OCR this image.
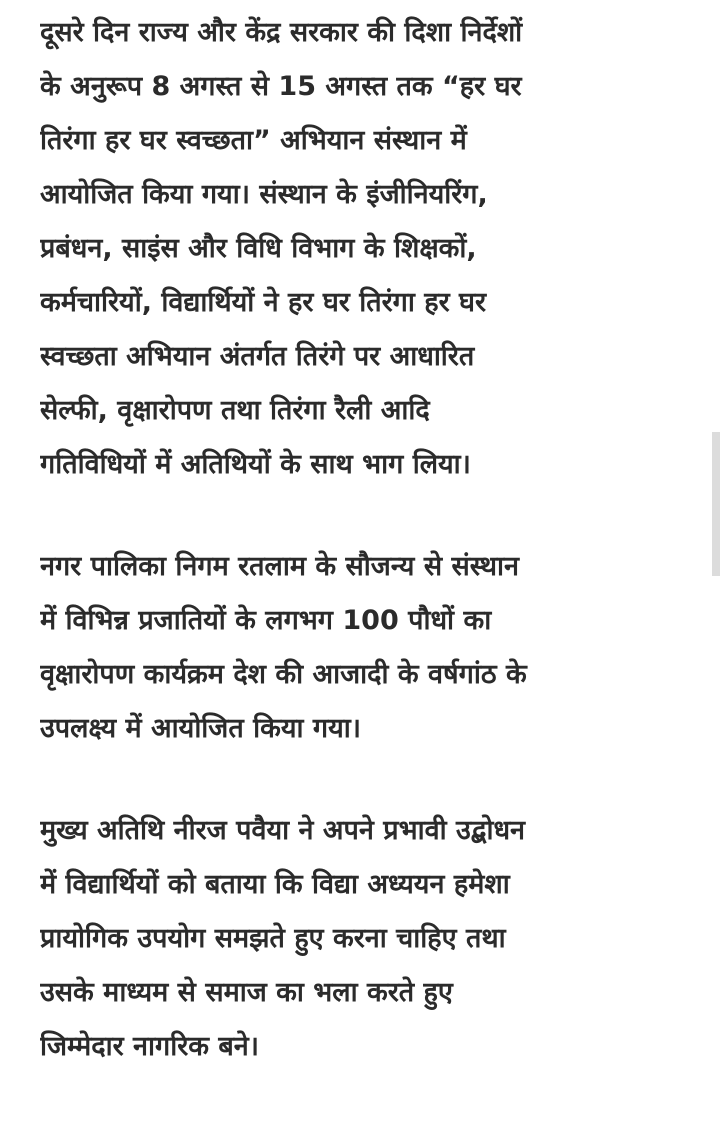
दूसरे दिन राज्य और केंद्र सरकार की दिशा निर्देशों
के अनुरूप 8 अगस्त से 15 अगस्त तक “हर घर
तिरंगा हर घर स्वच्छता” अभियान संस्थान में
आयोजित किया गया। संस्थान के इंजीनियरिंग,
प्रबंधन, साइंस और विधि विभाग के शिक्षकों,
कर्मचारियों, विद्यार्थियों ने हर घर तिरंगा हर घर
स्वच्छता अभियान अंतर्गत तिरंगे पर आधारित
सेल्फी, वृक्षारोपण तथा तिरंगा रैली आदि
गतिविधियों में अतिथियों के साथ भाग लिया।

नगर पालिका निगम रतलाम के सौजन्य से संस्थान
में विभिन्न प्रजातियों के लगभग 100 पौधों का
वृक्षारोपण कार्यक्रम देश की आजादी के वर्षगांठ के
उपलक्ष्य में आयोजित किया गया।

मुख्य अतिथि नीरज पवैया ने अपने प्रभावी उद्बोधन
में विद्यार्थियों को बताया कि विद्या अध्ययन हमेशा
प्रायोगिक उपयोग समझते हुए करना चाहिए तथा
उसके माध्यम से समाज का भला करते हुए
जिम्मेदार नागरिक बने।
